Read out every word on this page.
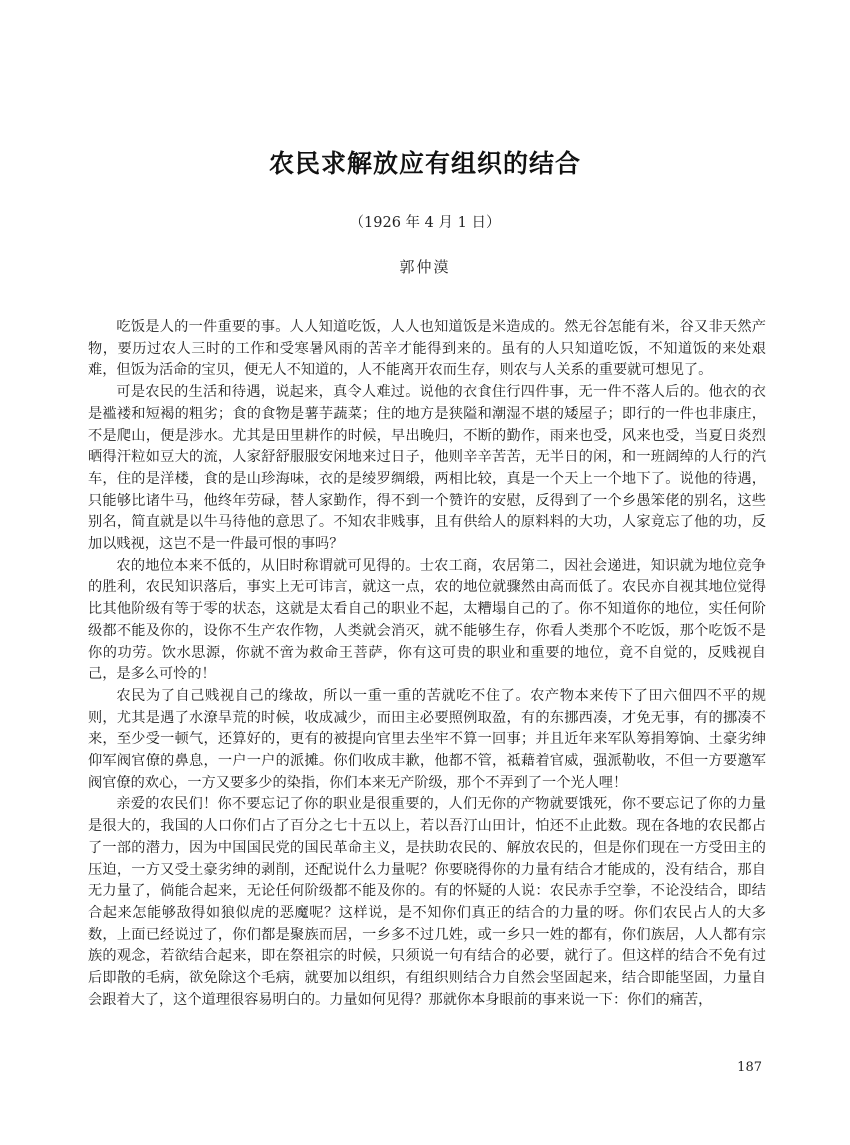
农民求解放应有组织的结合
（1926 年 4 月 1 日）
郭仲漠

吃饭是人的一件重要的事。人人知道吃饭，人人也知道饭是米造成的。然无谷怎能有米，谷又非天然产物，要历过农人三时的工作和受寒暑风雨的苦辛才能得到来的。虽有的人只知道吃饭，不知道饭的来处艰难，但饭为活命的宝贝，便无人不知道的，人不能离开农而生存，则农与人关系的重要就可想见了。

可是农民的生活和待遇，说起来，真令人难过。说他的衣食住行四件事，无一件不落人后的。他衣的衣是褴褛和短褐的粗劣；食的食物是薯芋蔬菜；住的地方是狭隘和潮湿不堪的矮屋子；即行的一件也非康庄，不是爬山，便是涉水。尤其是田里耕作的时候，早出晚归，不断的勤作，雨来也受，风来也受，当夏日炎烈晒得汗粒如豆大的流，人家舒舒服服安闲地来过日子，他则辛辛苦苦，无半日的闲，和一班阔绰的人行的汽车，住的是洋楼，食的是山珍海味，衣的是绫罗绸缎，两相比较，真是一个天上一个地下了。说他的待遇，只能够比诸牛马，他终年劳碌，替人家勤作，得不到一个赞许的安慰，反得到了一个乡愚笨佬的别名，这些别名，简直就是以牛马待他的意思了。不知农非贱事，且有供给人的原料料的大功，人家竟忘了他的功，反加以贱视，这岂不是一件最可恨的事吗？

农的地位本来不低的，从旧时称谓就可见得的。士农工商，农居第二，因社会递进，知识就为地位竞争的胜利，农民知识落后，事实上无可讳言，就这一点，农的地位就骤然由高而低了。农民亦自视其地位觉得比其他阶级有等于零的状态，这就是太看自己的职业不起，太糟塌自己的了。你不知道你的地位，实任何阶级都不能及你的，设你不生产农作物，人类就会消灭，就不能够生存，你看人类那个不吃饭，那个吃饭不是你的功劳。饮水思源，你就不啻为救命王菩萨，你有这可贵的职业和重要的地位，竟不自觉的，反贱视自己，是多么可怜的！

农民为了自己贱视自己的缘故，所以一重一重的苦就吃不住了。农产物本来传下了田六佃四不平的规则，尤其是遇了水潦旱荒的时候，收成减少，而田主必要照例取盈，有的东挪西凑，才免无事，有的挪凑不来，至少受一顿气，还算好的，更有的被提向官里去坐牢不算一回事；并且近年来军队筹捐筹饷、土豪劣绅仰军阀官僚的鼻息，一户一户的派摊。你们收成丰歉，他都不管，祗藉着官威，强派勒收，不但一方要邀军阀官僚的欢心，一方又要多少的染指，你们本来无产阶级，那个不弄到了一个光人哩！

亲爱的农民们！你不要忘记了你的职业是很重要的，人们无你的产物就要饿死，你不要忘记了你的力量是很大的，我国的人口你们占了百分之七十五以上，若以吾汀山田计，怕还不止此数。现在各地的农民都占了一部的潜力，因为中国国民党的国民革命主义，是扶助农民的、解放农民的，但是你们现在一方受田主的压迫，一方又受土豪劣绅的剥削，还配说什么力量呢？你要晓得你的力量有结合才能成的，没有结合，那自无力量了，倘能合起来，无论任何阶级都不能及你的。有的怀疑的人说：农民赤手空拳，不论没结合，即结合起来怎能够敌得如狼似虎的恶魔呢？这样说，是不知你们真正的结合的力量的呀。你们农民占人的大多数，上面已经说过了，你们都是聚族而居，一乡多不过几姓，或一乡只一姓的都有，你们族居，人人都有宗族的观念，若欲结合起来，即在祭祖宗的时候，只须说一句有结合的必要，就行了。但这样的结合不免有过后即散的毛病，欲免除这个毛病，就要加以组织，有组织则结合力自然会坚固起来，结合即能坚固，力量自会跟着大了，这个道理很容易明白的。力量如何见得？那就你本身眼前的事来说一下：你们的痛苦，

187
